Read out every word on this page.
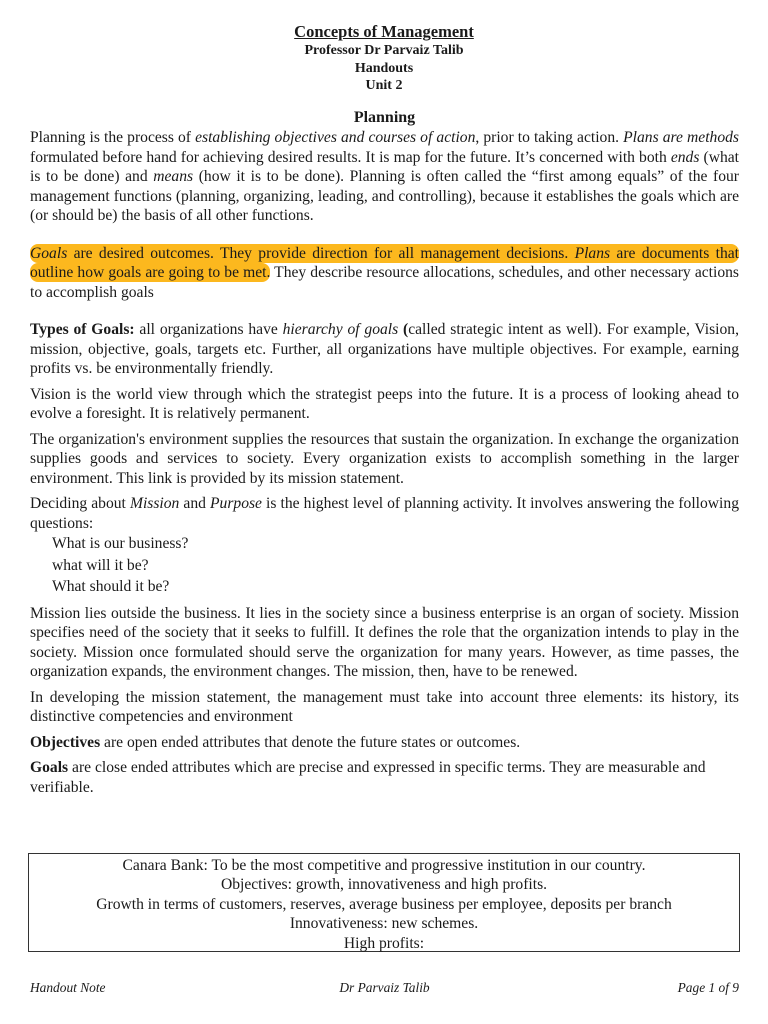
Concepts of Management
Professor Dr Parvaiz Talib
Handouts
Unit 2
Planning

Planning is the process of establishing objectives and courses of action, prior to taking action. Plans are methods formulated before hand for achieving desired results. It is map for the future. It’s concerned with both ends (what is to be done) and means (how it is to be done). Planning is often called the “first among equals” of the four management functions (planning, organizing, leading, and controlling), because it establishes the goals which are (or should be) the basis of all other functions.

Goals are desired outcomes. They provide direction for all management decisions. Plans are documents that outline how goals are going to be met. They describe resource allocations, schedules, and other necessary actions to accomplish goals

Types of Goals: all organizations have hierarchy of goals (called strategic intent as well). For example, Vision, mission, objective, goals, targets etc. Further, all organizations have multiple objectives. For example, earning profits vs. be environmentally friendly.

Vision is the world view through which the strategist peeps into the future. It is a process of looking ahead to evolve a foresight. It is relatively permanent.

The organization's environment supplies the resources that sustain the organization. In exchange the organization supplies goods and services to society. Every organization exists to accomplish something in the larger environment. This link is provided by its mission statement.

Deciding about Mission and Purpose is the highest level of planning activity. It involves answering the following questions:

What is our business?
what will it be?
What should it be?

Mission lies outside the business. It lies in the society since a business enterprise is an organ of society. Mission specifies need of the society that it seeks to fulfill. It defines the role that the organization intends to play in the society. Mission once formulated should serve the organization for many years. However, as time passes, the organization expands, the environment changes. The mission, then, have to be renewed.

In developing the mission statement, the management must take into account three elements: its history, its distinctive competencies and environment

Objectives are open ended attributes that denote the future states or outcomes.

Goals are close ended attributes which are precise and expressed in specific terms. They are measurable and verifiable.

Canara Bank: To be the most competitive and progressive institution in our country.
Objectives: growth, innovativeness and high profits.
Growth in terms of customers, reserves, average business per employee, deposits per branch
Innovativeness: new schemes.
High profits:
Handout Note	Dr Parvaiz Talib	Page 1 of 9
